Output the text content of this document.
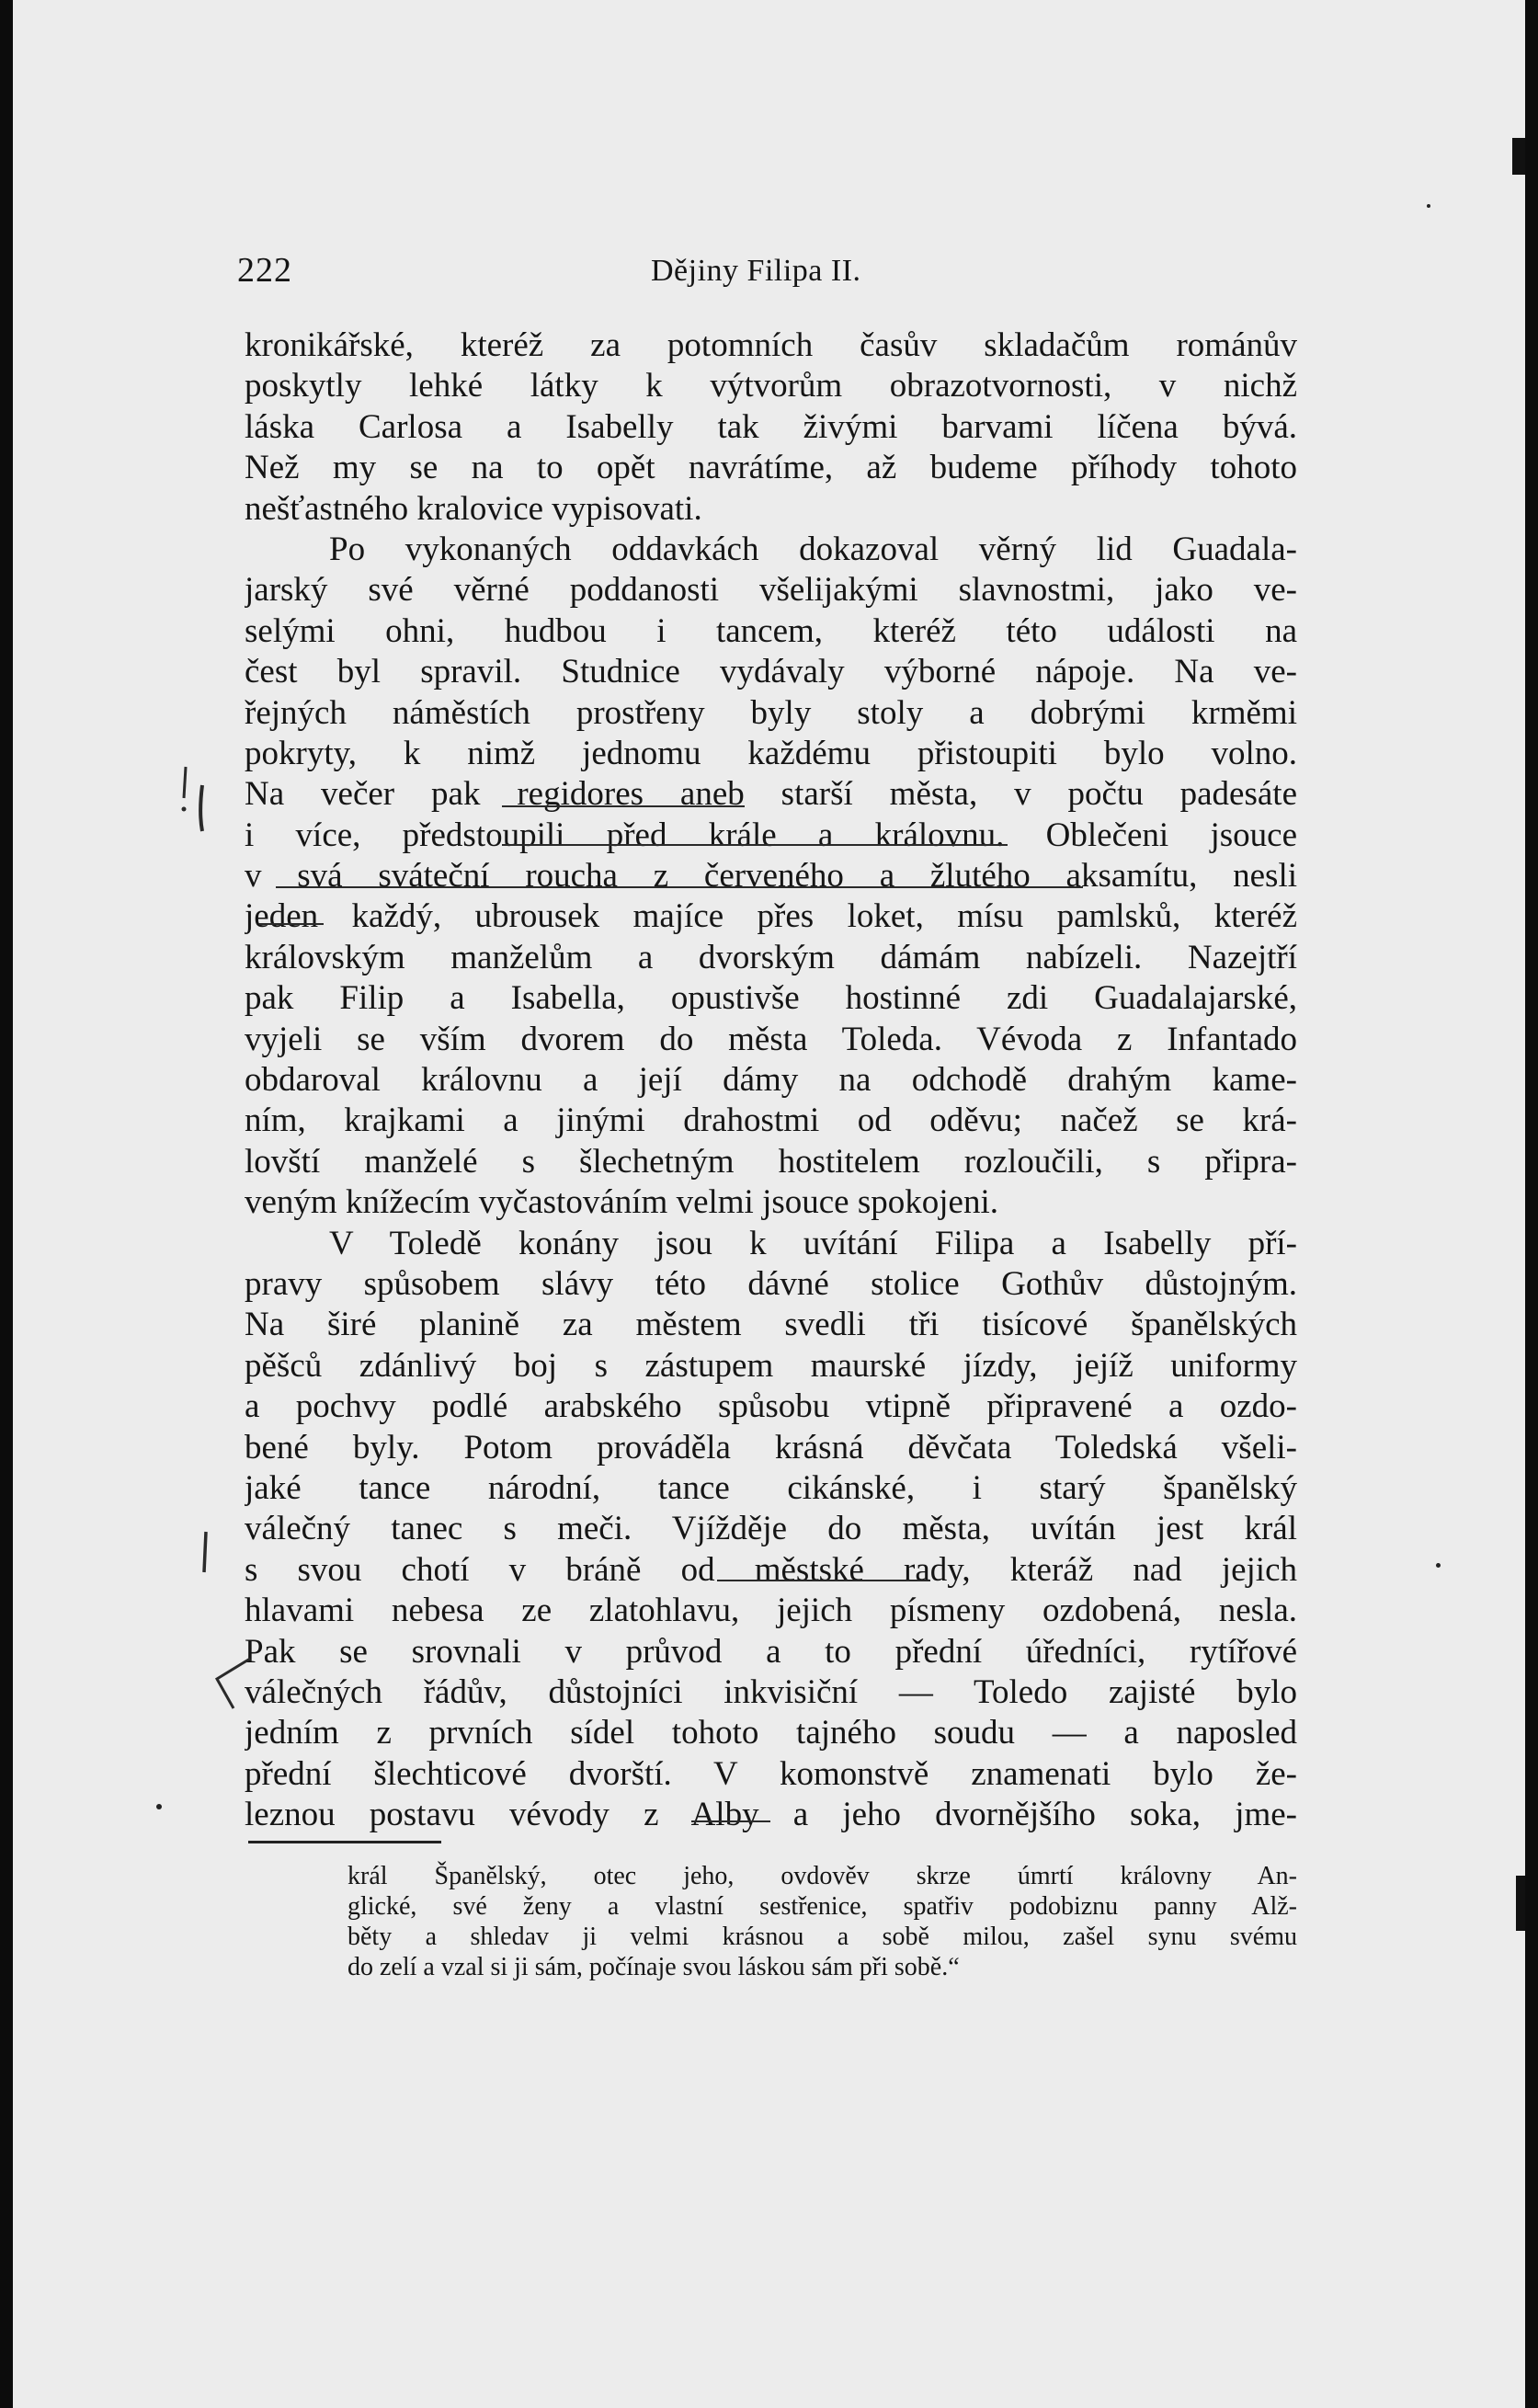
222	Dějiny Filipa II.
kronikářské, kteréž za potomních časův skladačům románův
poskytly lehké látky k výtvorům obrazotvornosti, v nichž
láska Carlosa a Isabelly tak živými barvami líčena bývá.
Než my se na to opět navrátíme, až budeme příhody tohoto
nešťastného kralovice vypisovati.
Po vykonaných oddavkách dokazoval věrný lid Guadala-
jarský své věrné poddanosti všelijakými slavnostmi, jako ve-
selými ohni, hudbou i tancem, kteréž této události na
čest byl spravil. Studnice vydávaly výborné nápoje. Na ve-
řejných náměstích prostřeny byly stoly a dobrými krměmi
pokryty, k nimž jednomu každému přistoupiti bylo volno.
Na večer pak regidores aneb starší města, v počtu padesáte
i více, předstoupili před krále a královnu. Oblečeni jsouce
v svá sváteční roucha z červeného a žlutého aksamítu, nesli
jeden každý, ubrousek majíce přes loket, mísu pamlsků, kteréž
královským manželům a dvorským dámám nabízeli. Nazejtří
pak Filip a Isabella, opustivše hostinné zdi Guadalajarské,
vyjeli se vším dvorem do města Toleda. Vévoda z Infantado
obdaroval královnu a její dámy na odchodě drahým kame-
ním, krajkami a jinými drahostmi od oděvu; načež se krá-
lovští manželé s šlechetným hostitelem rozloučili, s připra-
veným knížecím vyčastováním velmi jsouce spokojeni.
V Toledě konány jsou k uvítání Filipa a Isabelly pří-
pravy spůsobem slávy této dávné stolice Gothův důstojným.
Na širé planině za městem svedli tři tisícové španělských
pěšců zdánlivý boj s zástupem maurské jízdy, jejíž uniformy
a pochvy podlé arabského spůsobu vtipně připravené a ozdo-
bené byly. Potom prováděla krásná děvčata Toledská všeli-
jaké tance národní, tance cikánské, i starý španělský
válečný tanec s meči. Vjížděje do města, uvítán jest král
s svou chotí v bráně od městské rady, kteráž nad jejich
hlavami nebesa ze zlatohlavu, jejich písmeny ozdobená, nesla.
Pak se srovnali v průvod a to přední úředníci, rytířové
válečných řádův, důstojníci inkvisiční — Toledo zajisté bylo
jedním z prvních sídel tohoto tajného soudu — a naposled
přední šlechticové dvorští. V komonstvě znamenati bylo že-
leznou postavu vévody z Alby a jeho dvornějšího soka, jme-
král Španělský, otec jeho, ovdověv skrze úmrtí královny An-
glické, své ženy a vlastní sestřenice, spatřiv podobiznu panny Alž-
běty a shledav ji velmi krásnou a sobě milou, zašel synu svému
do zelí a vzal si ji sám, počínaje svou láskou sám při sobě.“
